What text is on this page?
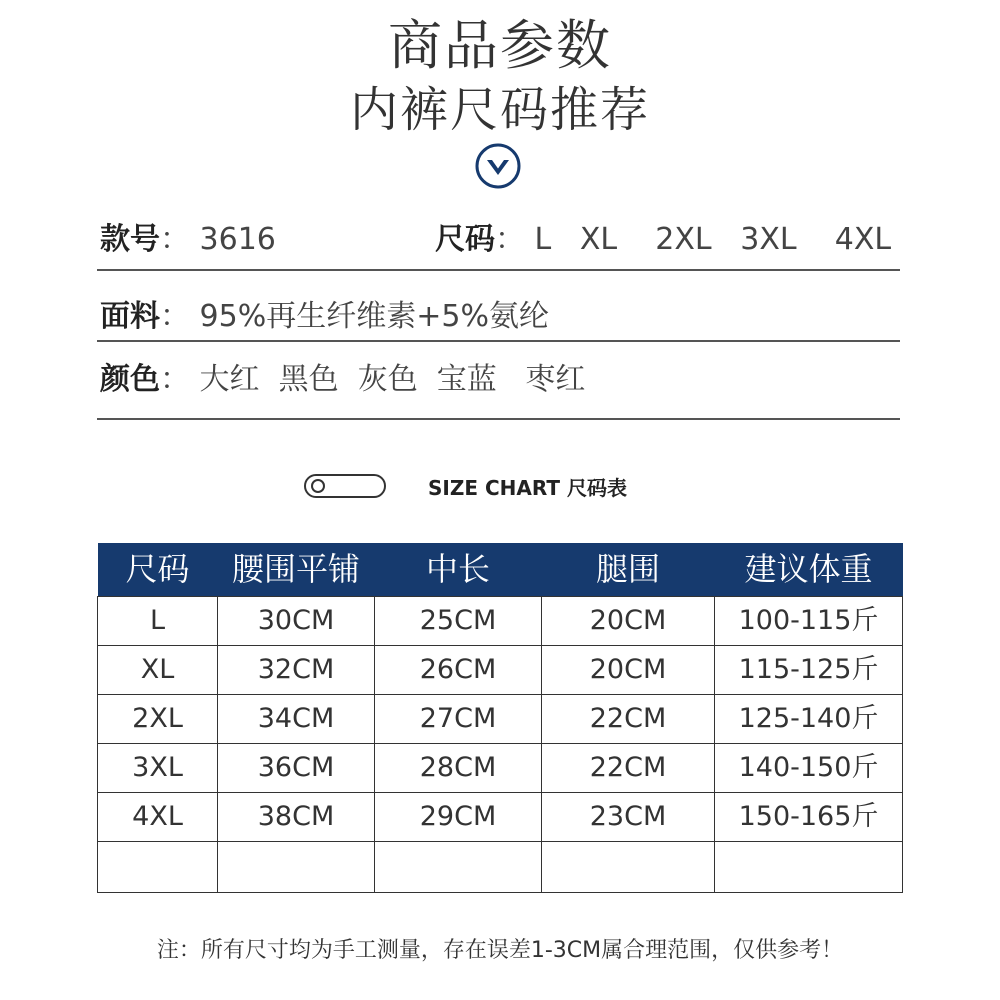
商品参数
内裤尺码推荐
款号： 3616	尺码： L   XL    2XL   3XL    4XL
面料： 95%再生纤维素+5%氨纶
颜色： 大红  黑色  灰色  宝蓝   枣红
SIZE CHART 尺码表
尺码	腰围平铺	中长	腿围	建议体重
L	30CM	25CM	20CM	100-115斤
XL	32CM	26CM	20CM	115-125斤
2XL	34CM	27CM	22CM	125-140斤
3XL	36CM	28CM	22CM	140-150斤
4XL	38CM	29CM	23CM	150-165斤

注：所有尺寸均为手工测量，存在误差1-3CM属合理范围，仅供参考！
